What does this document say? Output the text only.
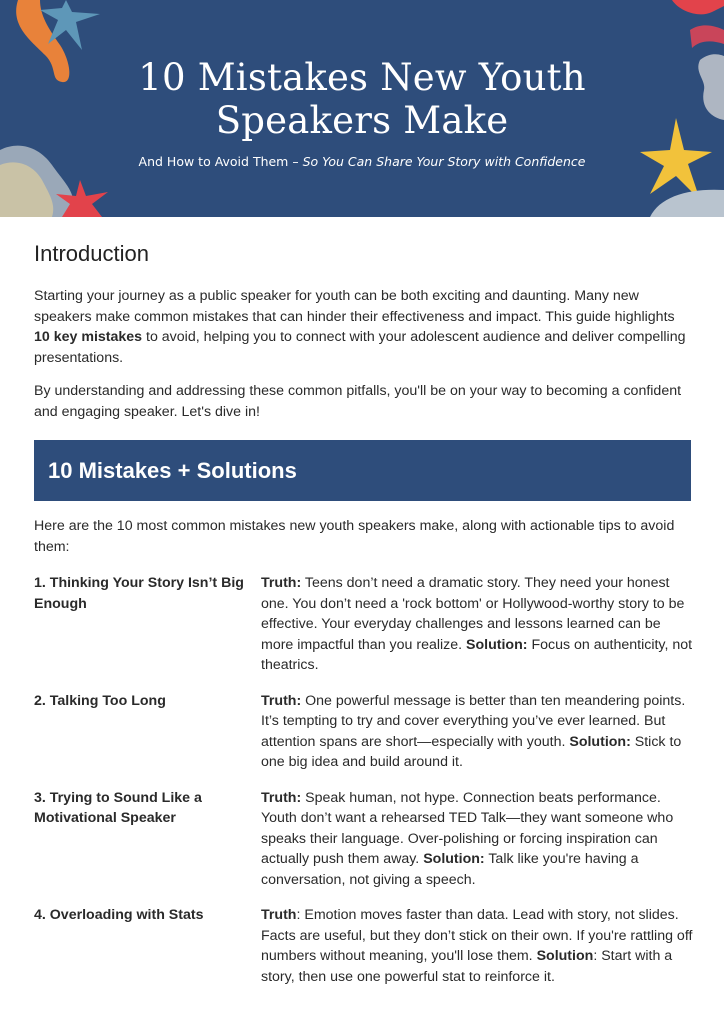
10 Mistakes New Youth
Speakers Make
And How to Avoid Them – So You Can Share Your Story with Confidence
Introduction

Starting your journey as a public speaker for youth can be both exciting and daunting. Many new speakers make common mistakes that can hinder their effectiveness and impact. This guide highlights 10 key mistakes to avoid, helping you to connect with your adolescent audience and deliver compelling presentations.

By understanding and addressing these common pitfalls, you'll be on your way to becoming a confident and engaging speaker. Let's dive in!

10 Mistakes + Solutions

Here are the 10 most common mistakes new youth speakers make, along with actionable tips to avoid them:

1. Thinking Your Story Isn’t Big Enough
Truth: Teens don’t need a dramatic story. They need your honest one. You don’t need a 'rock bottom' or Hollywood-worthy story to be effective. Your everyday challenges and lessons learned can be more impactful than you realize. Solution: Focus on authenticity, not theatrics.
2. Talking Too Long	Truth: One powerful message is better than ten meandering points. It’s tempting to try and cover everything you’ve ever learned. But attention spans are short—especially with youth. Solution: Stick to one big idea and build around it.
3. Trying to Sound Like a Motivational Speaker
Truth: Speak human, not hype. Connection beats performance. Youth don’t want a rehearsed TED Talk—they want someone who speaks their language. Over-polishing or forcing inspiration can actually push them away. Solution: Talk like you're having a conversation, not giving a speech.
4. Overloading with Stats	Truth: Emotion moves faster than data. Lead with story, not slides. Facts are useful, but they don’t stick on their own. If you're rattling off numbers without meaning, you'll lose them. Solution: Start with a story, then use one powerful stat to reinforce it.
